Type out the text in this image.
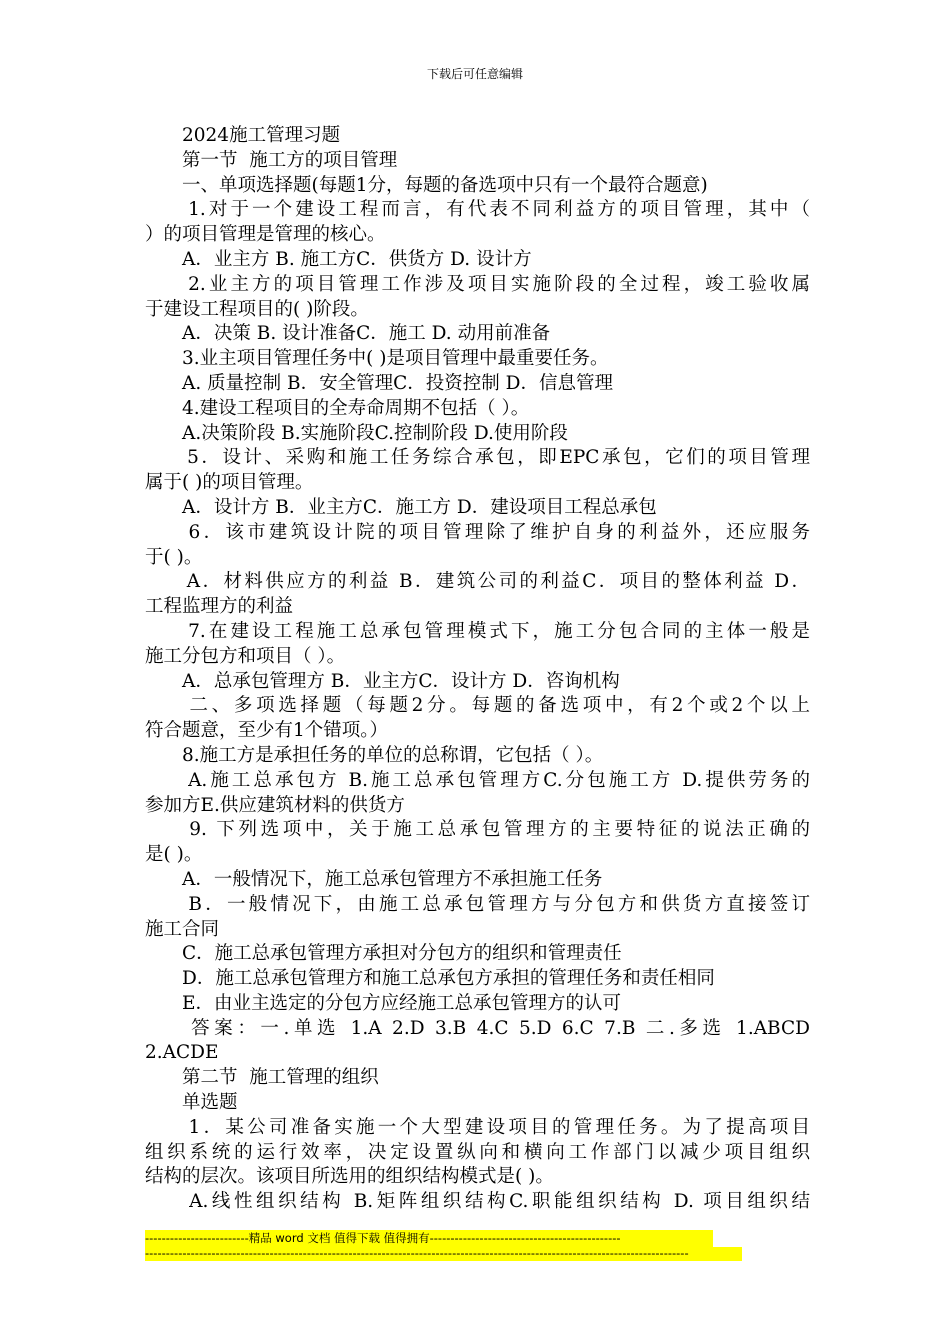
下载后可任意编辑
　　2024施工管理习题
　　第一节  施工方的项目管理
　　一、单项选择题(每题1分，每题的备选项中只有一个最符合题意)
　　1.对于一个建设工程而言，有代表不同利益方的项目管理，其中（
）的项目管理是管理的核心。
　　A．业主方 B. 施工方C．供货方 D. 设计方
　　2.业主方的项目管理工作涉及项目实施阶段的全过程，竣工验收属
于建设工程项目的( )阶段。
　　A．决策 B. 设计准备C．施工 D. 动用前准备
　　3.业主项目管理任务中( )是项目管理中最重要任务。
　　A. 质量控制 B．安全管理C．投资控制 D．信息管理
　　4.建设工程项目的全寿命周期不包括（ ）。
　　A.决策阶段 B.实施阶段C.控制阶段 D.使用阶段
　　5．设计、采购和施工任务综合承包，即EPC承包，它们的项目管理
属于( )的项目管理。
　　A．设计方 B．业主方C．施工方 D．建设项目工程总承包
　　6．该市建筑设计院的项目管理除了维护自身的利益外，还应服务
于( )。
　　A．材料供应方的利益 B．建筑公司的利益C．项目的整体利益 D．
工程监理方的利益
　　7.在建设工程施工总承包管理模式下，施工分包合同的主体一般是
施工分包方和项目（ ）。
　　A．总承包管理方 B．业主方C．设计方 D．咨询机构
　　二、多项选择题（每题2分。每题的备选项中，有2个或2个以上
符合题意，至少有1个错项。）
　　8.施工方是承担任务的单位的总称谓，它包括（ ）。
　　A.施工总承包方 B.施工总承包管理方C.分包施工方 D.提供劳务的
参加方E.供应建筑材料的供货方
　　9. 下列选项中，关于施工总承包管理方的主要特征的说法正确的
是( )。
　　A．一般情况下，施工总承包管理方不承担施工任务
　　B．一般情况下，由施工总承包管理方与分包方和供货方直接签订
施工合同
　　C．施工总承包管理方承担对分包方的组织和管理责任
　　D．施工总承包管理方和施工总承包方承担的管理任务和责任相同
　　E．由业主选定的分包方应经施工总承包管理方的认可
　　答案：一.单选 1.A 2.D 3.B 4.C 5.D 6.C 7.B 二.多选 1.ABCD
2.ACDE
　　第二节  施工管理的组织
　　单选题
　　1．某公司准备实施一个大型建设项目的管理任务。为了提高项目
组织系统的运行效率，决定设置纵向和横向工作部门以减少项目组织
结构的层次。该项目所选用的组织结构模式是( )。
　　A.线性组织结构 B.矩阵组织结构C.职能组织结构 D. 项目组织结
-------------------------精品 word 文档 值得下载 值得拥有----------------------------------------------
-----------------------------------------------------------------------------------------------------------------------------------
